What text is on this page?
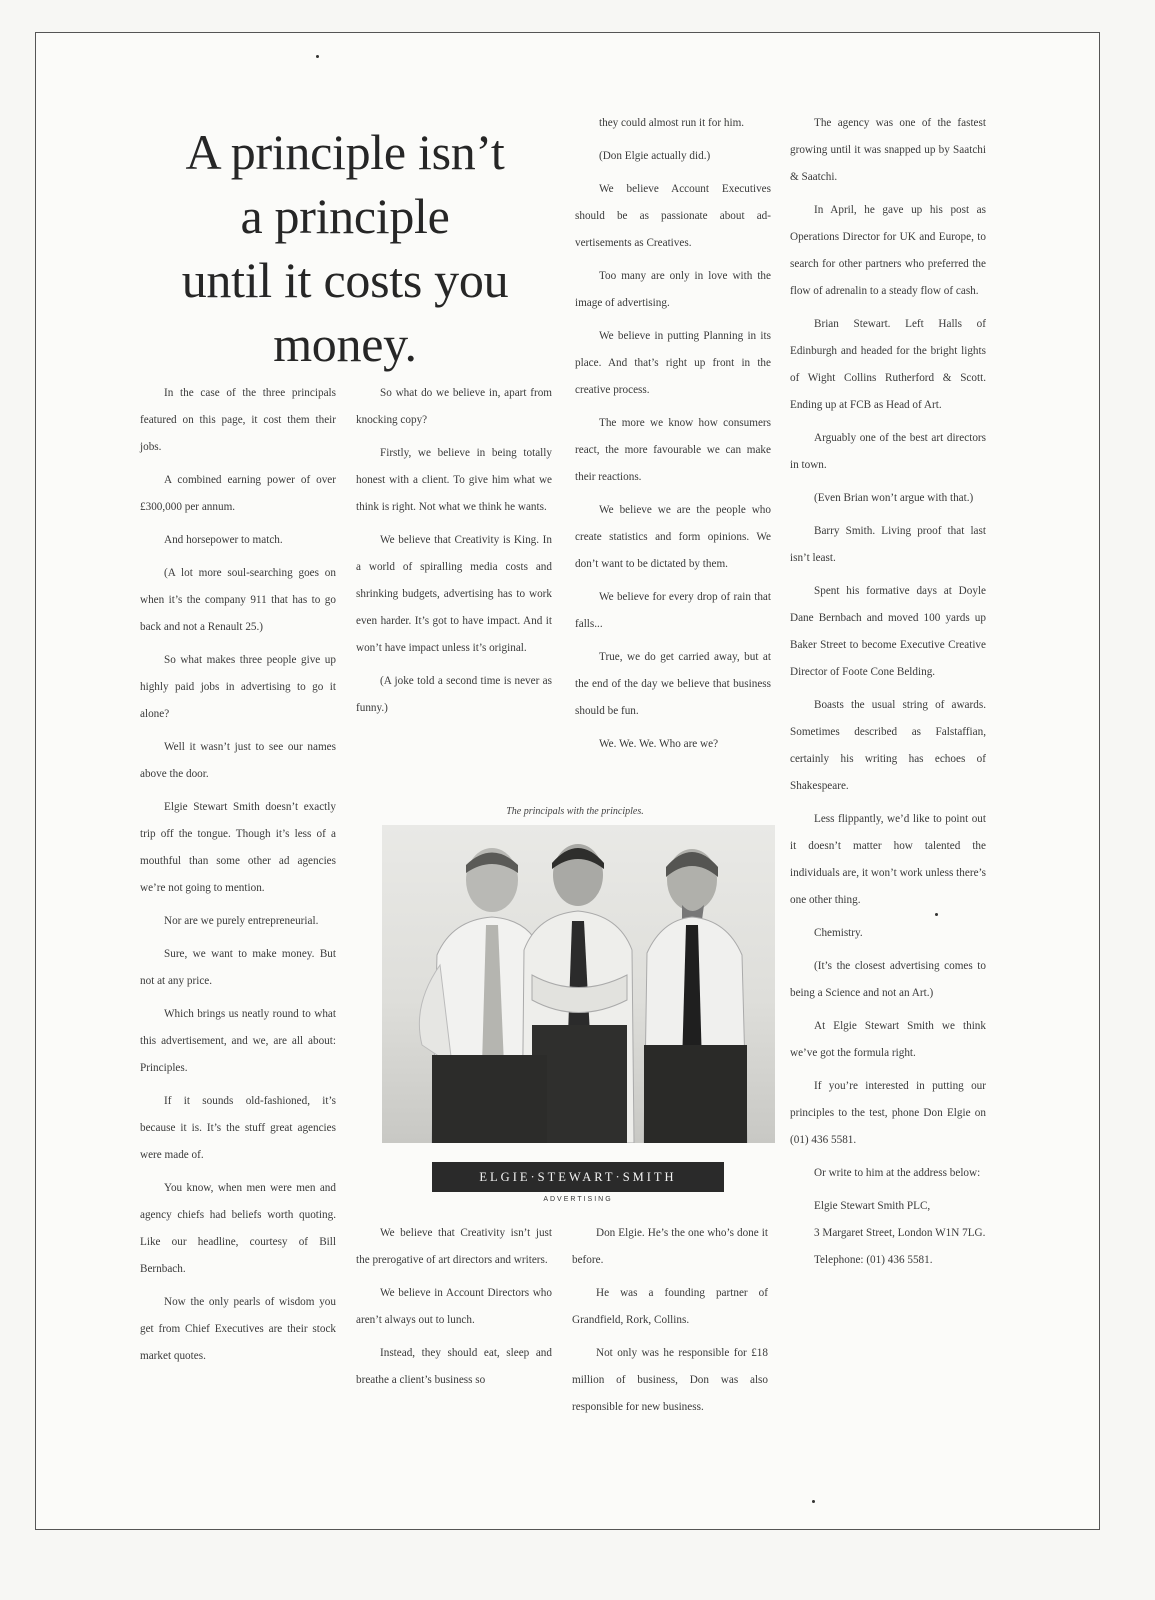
A principle isn’t
a principle
until it costs you
money.

In the case of the three principals featured on this page, it cost them their jobs.

A combined earning power of over £300,000 per annum.

And horsepower to match.

(A lot more soul-searching goes on when it’s the company 911 that has to go back and not a Renault 25.)

So what makes three people give up highly paid jobs in advertising to go it alone?

Well it wasn’t just to see our names above the door.

Elgie Stewart Smith doesn’t exactly trip off the tongue. Though it’s less of a mouthful than some other ad agencies we’re not going to mention.

Nor are we purely entrepreneurial.

Sure, we want to make money. But not at any price.

Which brings us neatly round to what this advertisement, and we, are all about: Principles.

If it sounds old-fashioned, it’s because it is. It’s the stuff great agencies were made of.

You know, when men were men and agency chiefs had beliefs worth quoting. Like our headline, courtesy of Bill Bernbach.

Now the only pearls of wisdom you get from Chief Executives are their stock market quotes.

So what do we believe in, apart from knocking copy?

Firstly, we believe in being totally honest with a client. To give him what we think is right. Not what we think he wants.

We believe that Creativity is King. In a world of spiralling media costs and shrinking budgets, advertising has to work even harder. It’s got to have impact. And it won’t have impact unless it’s original.

(A joke told a second time is never as funny.)

they could almost run it for him.

(Don Elgie actually did.)

We believe Account Executives should be as passionate about advertisements as Creatives.

Too many are only in love with the image of advertising.

We believe in putting Planning in its place. And that’s right up front in the creative process.

The more we know how consumers react, the more favourable we can make their reactions.

We believe we are the people who create statistics and form opinions. We don’t want to be dictated by them.

We believe for every drop of rain that falls...

True, we do get carried away, but at the end of the day we believe that business should be fun.

We. We. We. Who are we?

The agency was one of the fastest growing until it was snapped up by Saatchi & Saatchi.

In April, he gave up his post as Operations Director for UK and Europe, to search for other partners who preferred the flow of adrenalin to a steady flow of cash.

Brian Stewart. Left Halls of Edinburgh and headed for the bright lights of Wight Collins Rutherford & Scott. Ending up at FCB as Head of Art.

Arguably one of the best art directors in town.

(Even Brian won’t argue with that.)

Barry Smith. Living proof that last isn’t least.

Spent his formative days at Doyle Dane Bernbach and moved 100 yards up Baker Street to become Executive Creative Director of Foote Cone Belding.

Boasts the usual string of awards. Sometimes described as Falstaffian, certainly his writing has echoes of Shakespeare.

Less flippantly, we’d like to point out it doesn’t matter how talented the individuals are, it won’t work unless there’s one other thing.

Chemistry.

(It’s the closest advertising comes to being a Science and not an Art.)

At Elgie Stewart Smith we think we’ve got the formula right.

If you’re interested in putting our principles to the test, phone Don Elgie on (01) 436 5581.

Or write to him at the address below:

Elgie Stewart Smith PLC,

3 Margaret Street, London W1N 7LG.

Telephone: (01) 436 5581.

The principals with the principles.
ELGIE·STEWART·SMITH
ADVERTISING

We believe that Creativity isn’t just the prerogative of art directors and writers.

We believe in Account Directors who aren’t always out to lunch.

Instead, they should eat, sleep and breathe a client’s business so

Don Elgie. He’s the one who’s done it before.

He was a founding partner of Grandfield, Rork, Collins.

Not only was he responsible for £18 million of business, Don was also responsible for new business.
